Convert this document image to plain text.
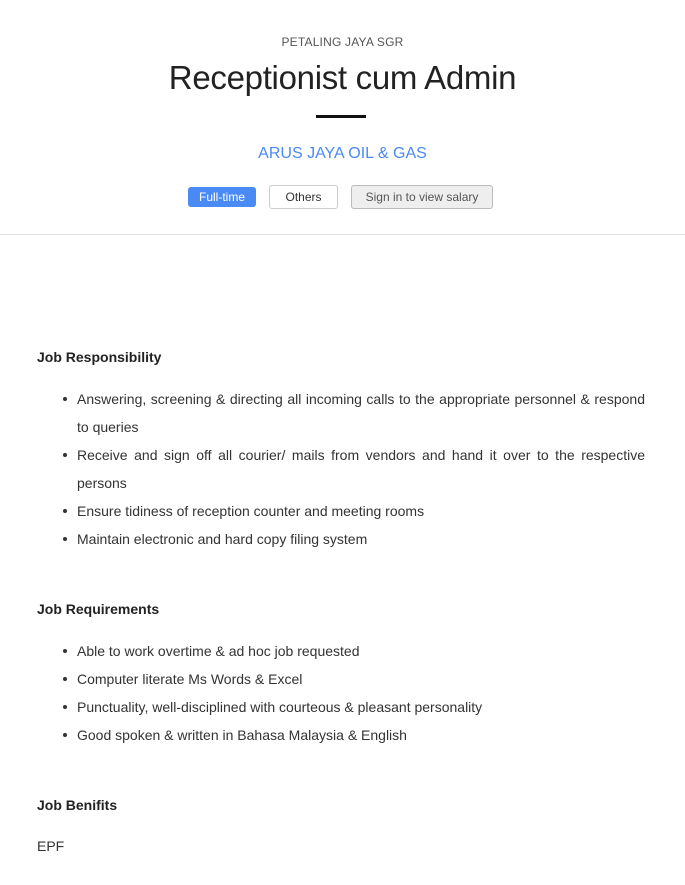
PETALING JAYA SGR
Receptionist cum Admin
ARUS JAYA OIL & GAS
Full-time	Others	Sign in to view salary
Job Responsibility
Answering, screening & directing all incoming calls to the appropriate personnel & respond to queries
Receive and sign off all courier/ mails from vendors and hand it over to the respective persons
Ensure tidiness of reception counter and meeting rooms
Maintain electronic and hard copy filing system
Job Requirements
Able to work overtime & ad hoc job requested
Computer literate Ms Words & Excel
Punctuality, well-disciplined with courteous & pleasant personality
Good spoken & written in Bahasa Malaysia & English
Job Benifits
EPF
